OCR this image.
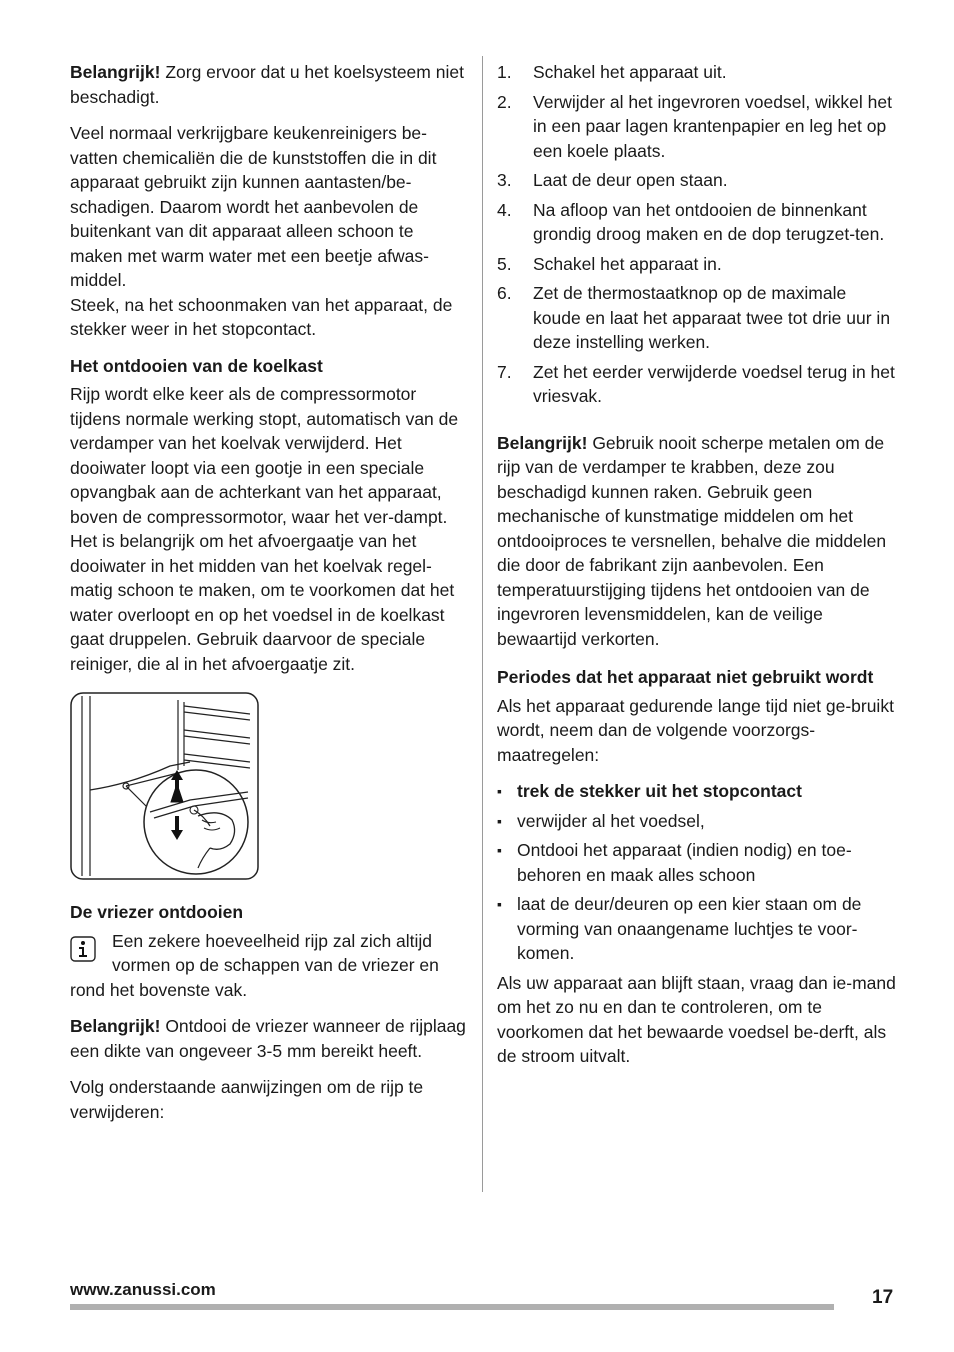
Belangrijk! Zorg ervoor dat u het koelsysteem niet beschadigt.

Veel normaal verkrijgbare keukenreinigers be-vatten chemicaliën die de kunststoffen die in dit apparaat gebruikt zijn kunnen aantasten/be-schadigen. Daarom wordt het aanbevolen de buitenkant van dit apparaat alleen schoon te maken met warm water met een beetje afwas-middel.

Steek, na het schoonmaken van het apparaat, de stekker weer in het stopcontact.

Het ontdooien van de koelkast

Rijp wordt elke keer als de compressormotor tijdens normale werking stopt, automatisch van de verdamper van het koelvak verwijderd. Het dooiwater loopt via een gootje in een speciale opvangbak aan de achterkant van het apparaat, boven de compressormotor, waar het ver-dampt.

Het is belangrijk om het afvoergaatje van het dooiwater in het midden van het koelvak regel-matig schoon te maken, om te voorkomen dat het water overloopt en op het voedsel in de koelkast gaat druppelen. Gebruik daarvoor de speciale reiniger, die al in het afvoergaatje zit.

De vriezer ontdooien
Een zekere hoeveelheid rijp zal zich altijd vormen op de schappen van de vriezer en
rond het bovenste vak.

Belangrijk! Ontdooi de vriezer wanneer de rijplaag een dikte van ongeveer 3-5 mm bereikt heeft.

Volg onderstaande aanwijzingen om de rijp te verwijderen:

1. Schakel het apparaat uit.
2. Verwijder al het ingevroren voedsel, wikkel het in een paar lagen krantenpapier en leg het op een koele plaats.
3. Laat de deur open staan.
4. Na afloop van het ontdooien de binnenkant grondig droog maken en de dop terugzet-ten.
5. Schakel het apparaat in.
6. Zet de thermostaatknop op de maximale koude en laat het apparaat twee tot drie uur in deze instelling werken.
7. Zet het eerder verwijderde voedsel terug in het vriesvak.

Belangrijk! Gebruik nooit scherpe metalen om de rijp van de verdamper te krabben, deze zou beschadigd kunnen raken. Gebruik geen mechanische of kunstmatige middelen om het ontdooiproces te versnellen, behalve die middelen die door de fabrikant zijn aanbevolen. Een temperatuurstijging tijdens het ontdooien van de ingevroren levensmiddelen, kan de veilige bewaartijd verkorten.

Periodes dat het apparaat niet gebruikt wordt

Als het apparaat gedurende lange tijd niet ge-bruikt wordt, neem dan de volgende voorzorgs-maatregelen:

▪ trek de stekker uit het stopcontact
▪ verwijder al het voedsel,
▪ Ontdooi het apparaat (indien nodig) en toe-behoren en maak alles schoon
▪ laat de deur/deuren op een kier staan om de vorming van onaangename luchtjes te voor-komen.

Als uw apparaat aan blijft staan, vraag dan ie-mand om het zo nu en dan te controleren, om te voorkomen dat het bewaarde voedsel be-derft, als de stroom uitvalt.

www.zanussi.com	17
